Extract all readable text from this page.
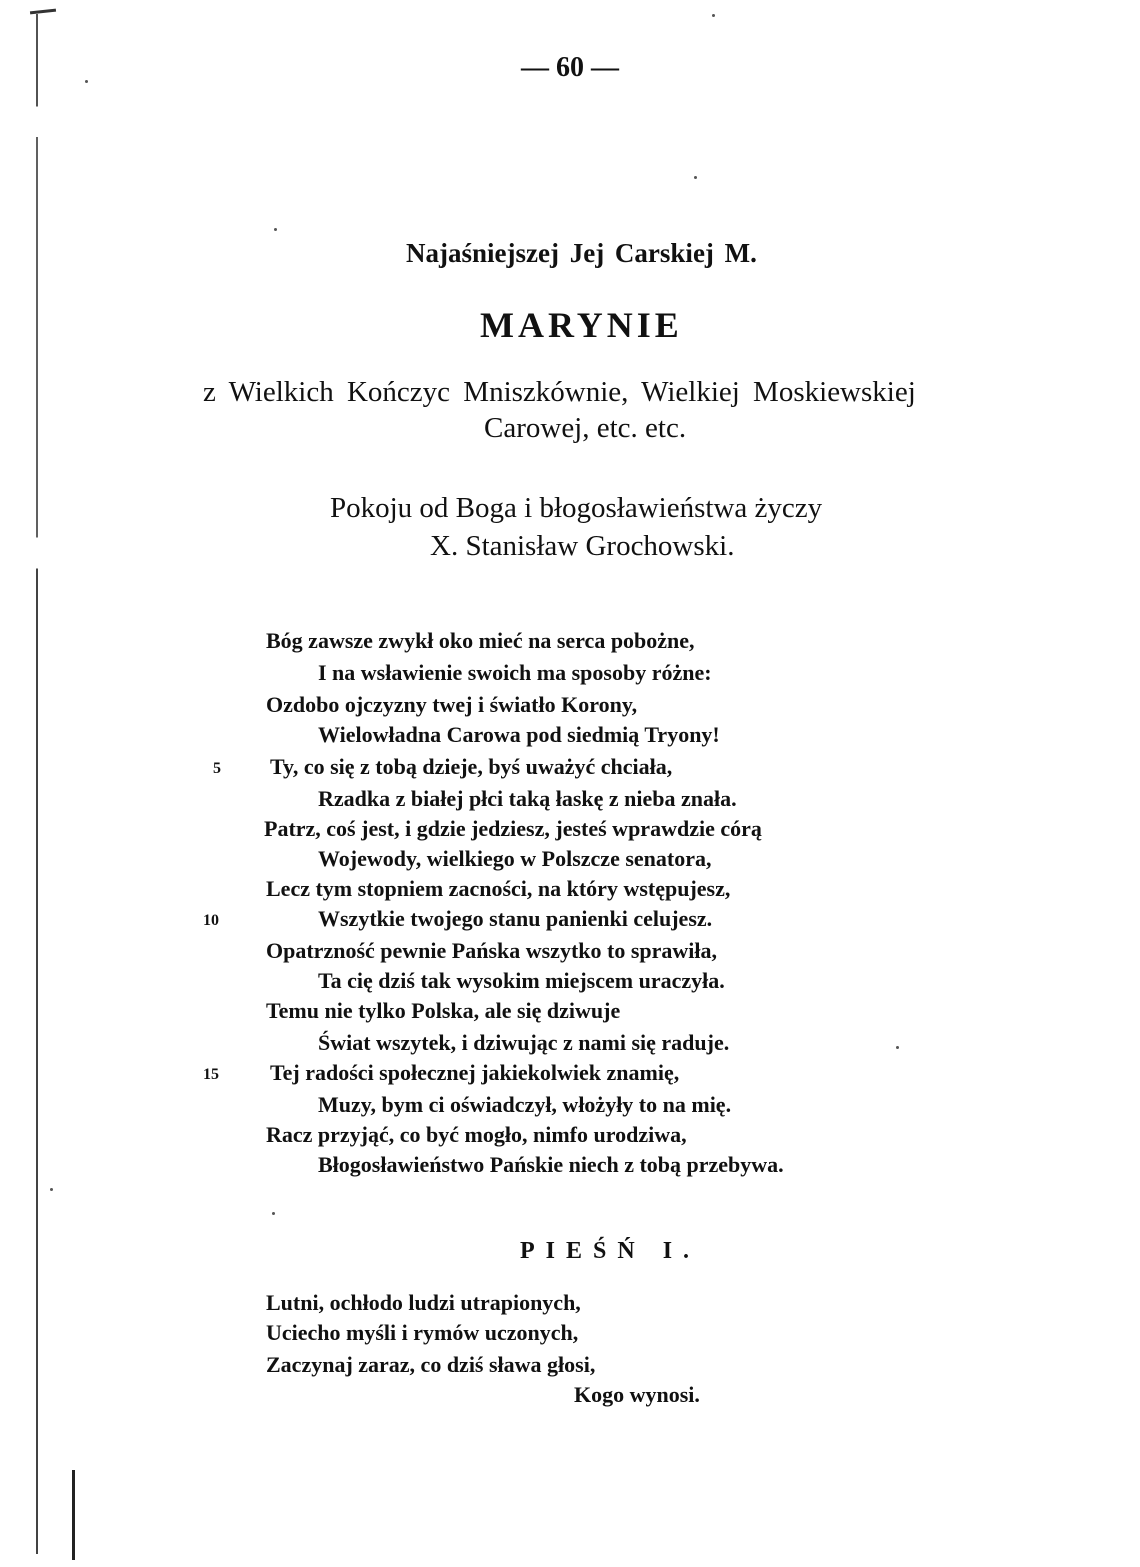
— 60 —
Najaśniejszej Jej Carskiej M.
MARYNIE
z Wielkich Kończyc Mniszkównie, Wielkiej Moskiewskiej
Carowej, etc. etc.
Pokoju od Boga i błogosławieństwa życzy
X. Stanisław Grochowski.
Bóg zawsze zwykł oko mieć na serca pobożne,
I na wsławienie swoich ma sposoby różne:
Ozdobo ojczyzny twej i światło Korony,
Wielowładna Carowa pod siedmią Tryony!
Ty, co się z tobą dzieje, byś uważyć chciała,
Rzadka z białej płci taką łaskę z nieba znała.
Patrz, coś jest, i gdzie jedziesz, jesteś wprawdzie córą
Wojewody, wielkiego w Polszcze senatora,
Lecz tym stopniem zacności, na który wstępujesz,
Wszytkie twojego stanu panienki celujesz.
Opatrzność pewnie Pańska wszytko to sprawiła,
Ta cię dziś tak wysokim miejscem uraczyła.
Temu nie tylko Polska, ale się dziwuje
Świat wszytek, i dziwując z nami się raduje.
Tej radości społecznej jakiekolwiek znamię,
Muzy, bym ci oświadczył, włożyły to na mię.
Racz przyjąć, co być mogło, nimfo urodziwa,
Błogosławieństwo Pańskie niech z tobą przebywa.
5
10
15
PIEŚŃ I.
Lutni, ochłodo ludzi utrapionych,
Uciecho myśli i rymów uczonych,
Zaczynaj zaraz, co dziś sława głosi,
Kogo wynosi.
